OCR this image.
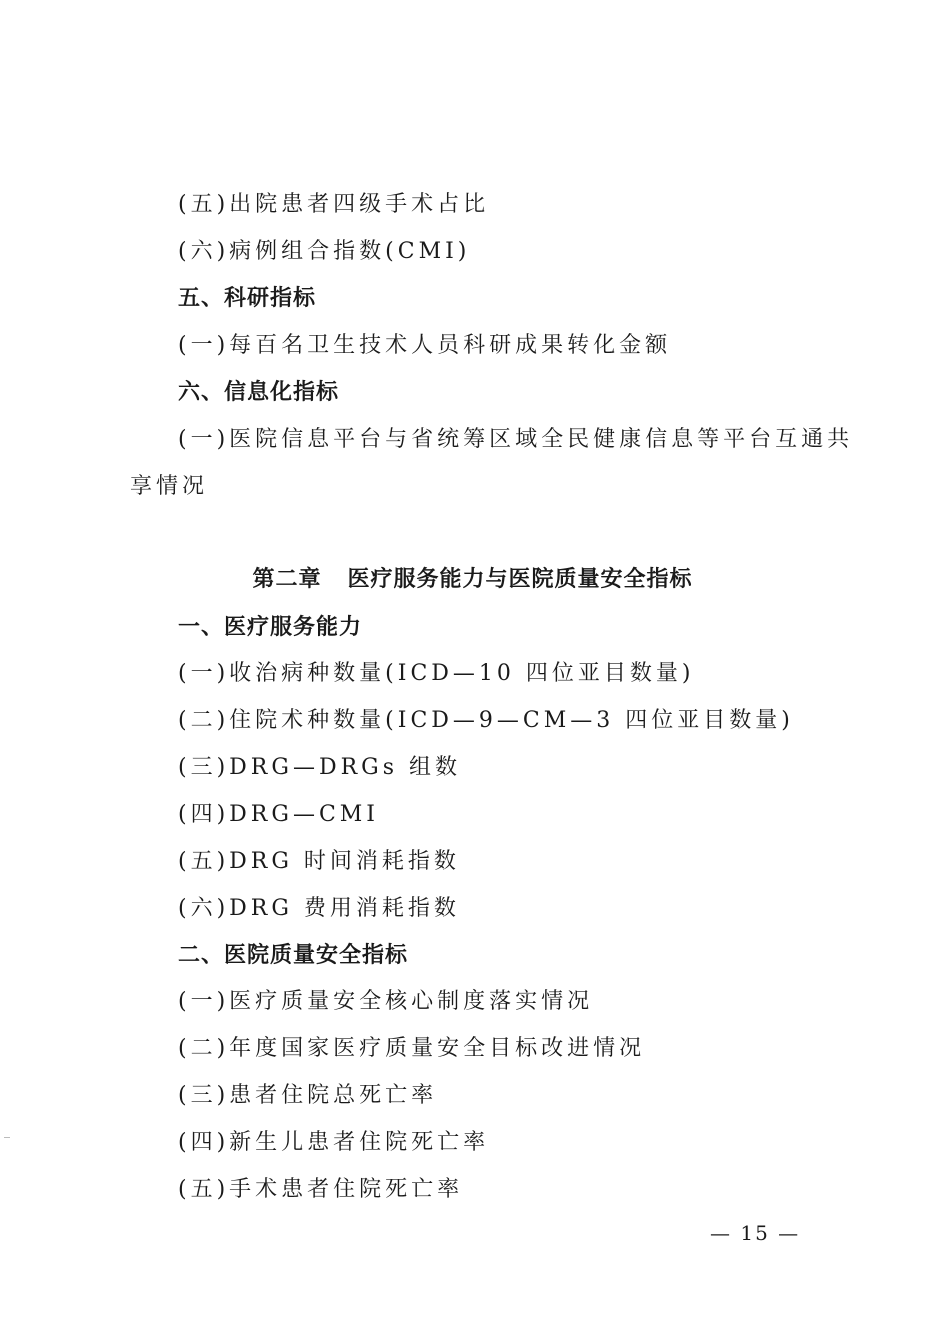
(五)出院患者四级手术占比
(六)病例组合指数(CMI)
五、科研指标
(一)每百名卫生技术人员科研成果转化金额
六、信息化指标
(一)医院信息平台与省统筹区域全民健康信息等平台互通共
享情况
第二章 医疗服务能力与医院质量安全指标
一、医疗服务能力
(一)收治病种数量(ICD—10 四位亚目数量)
(二)住院术种数量(ICD—9—CM—3 四位亚目数量)
(三)DRG—DRGs 组数
(四)DRG—CMI
(五)DRG 时间消耗指数
(六)DRG 费用消耗指数
二、医院质量安全指标
(一)医疗质量安全核心制度落实情况
(二)年度国家医疗质量安全目标改进情况
(三)患者住院总死亡率
(四)新生儿患者住院死亡率
(五)手术患者住院死亡率
— 15 —
